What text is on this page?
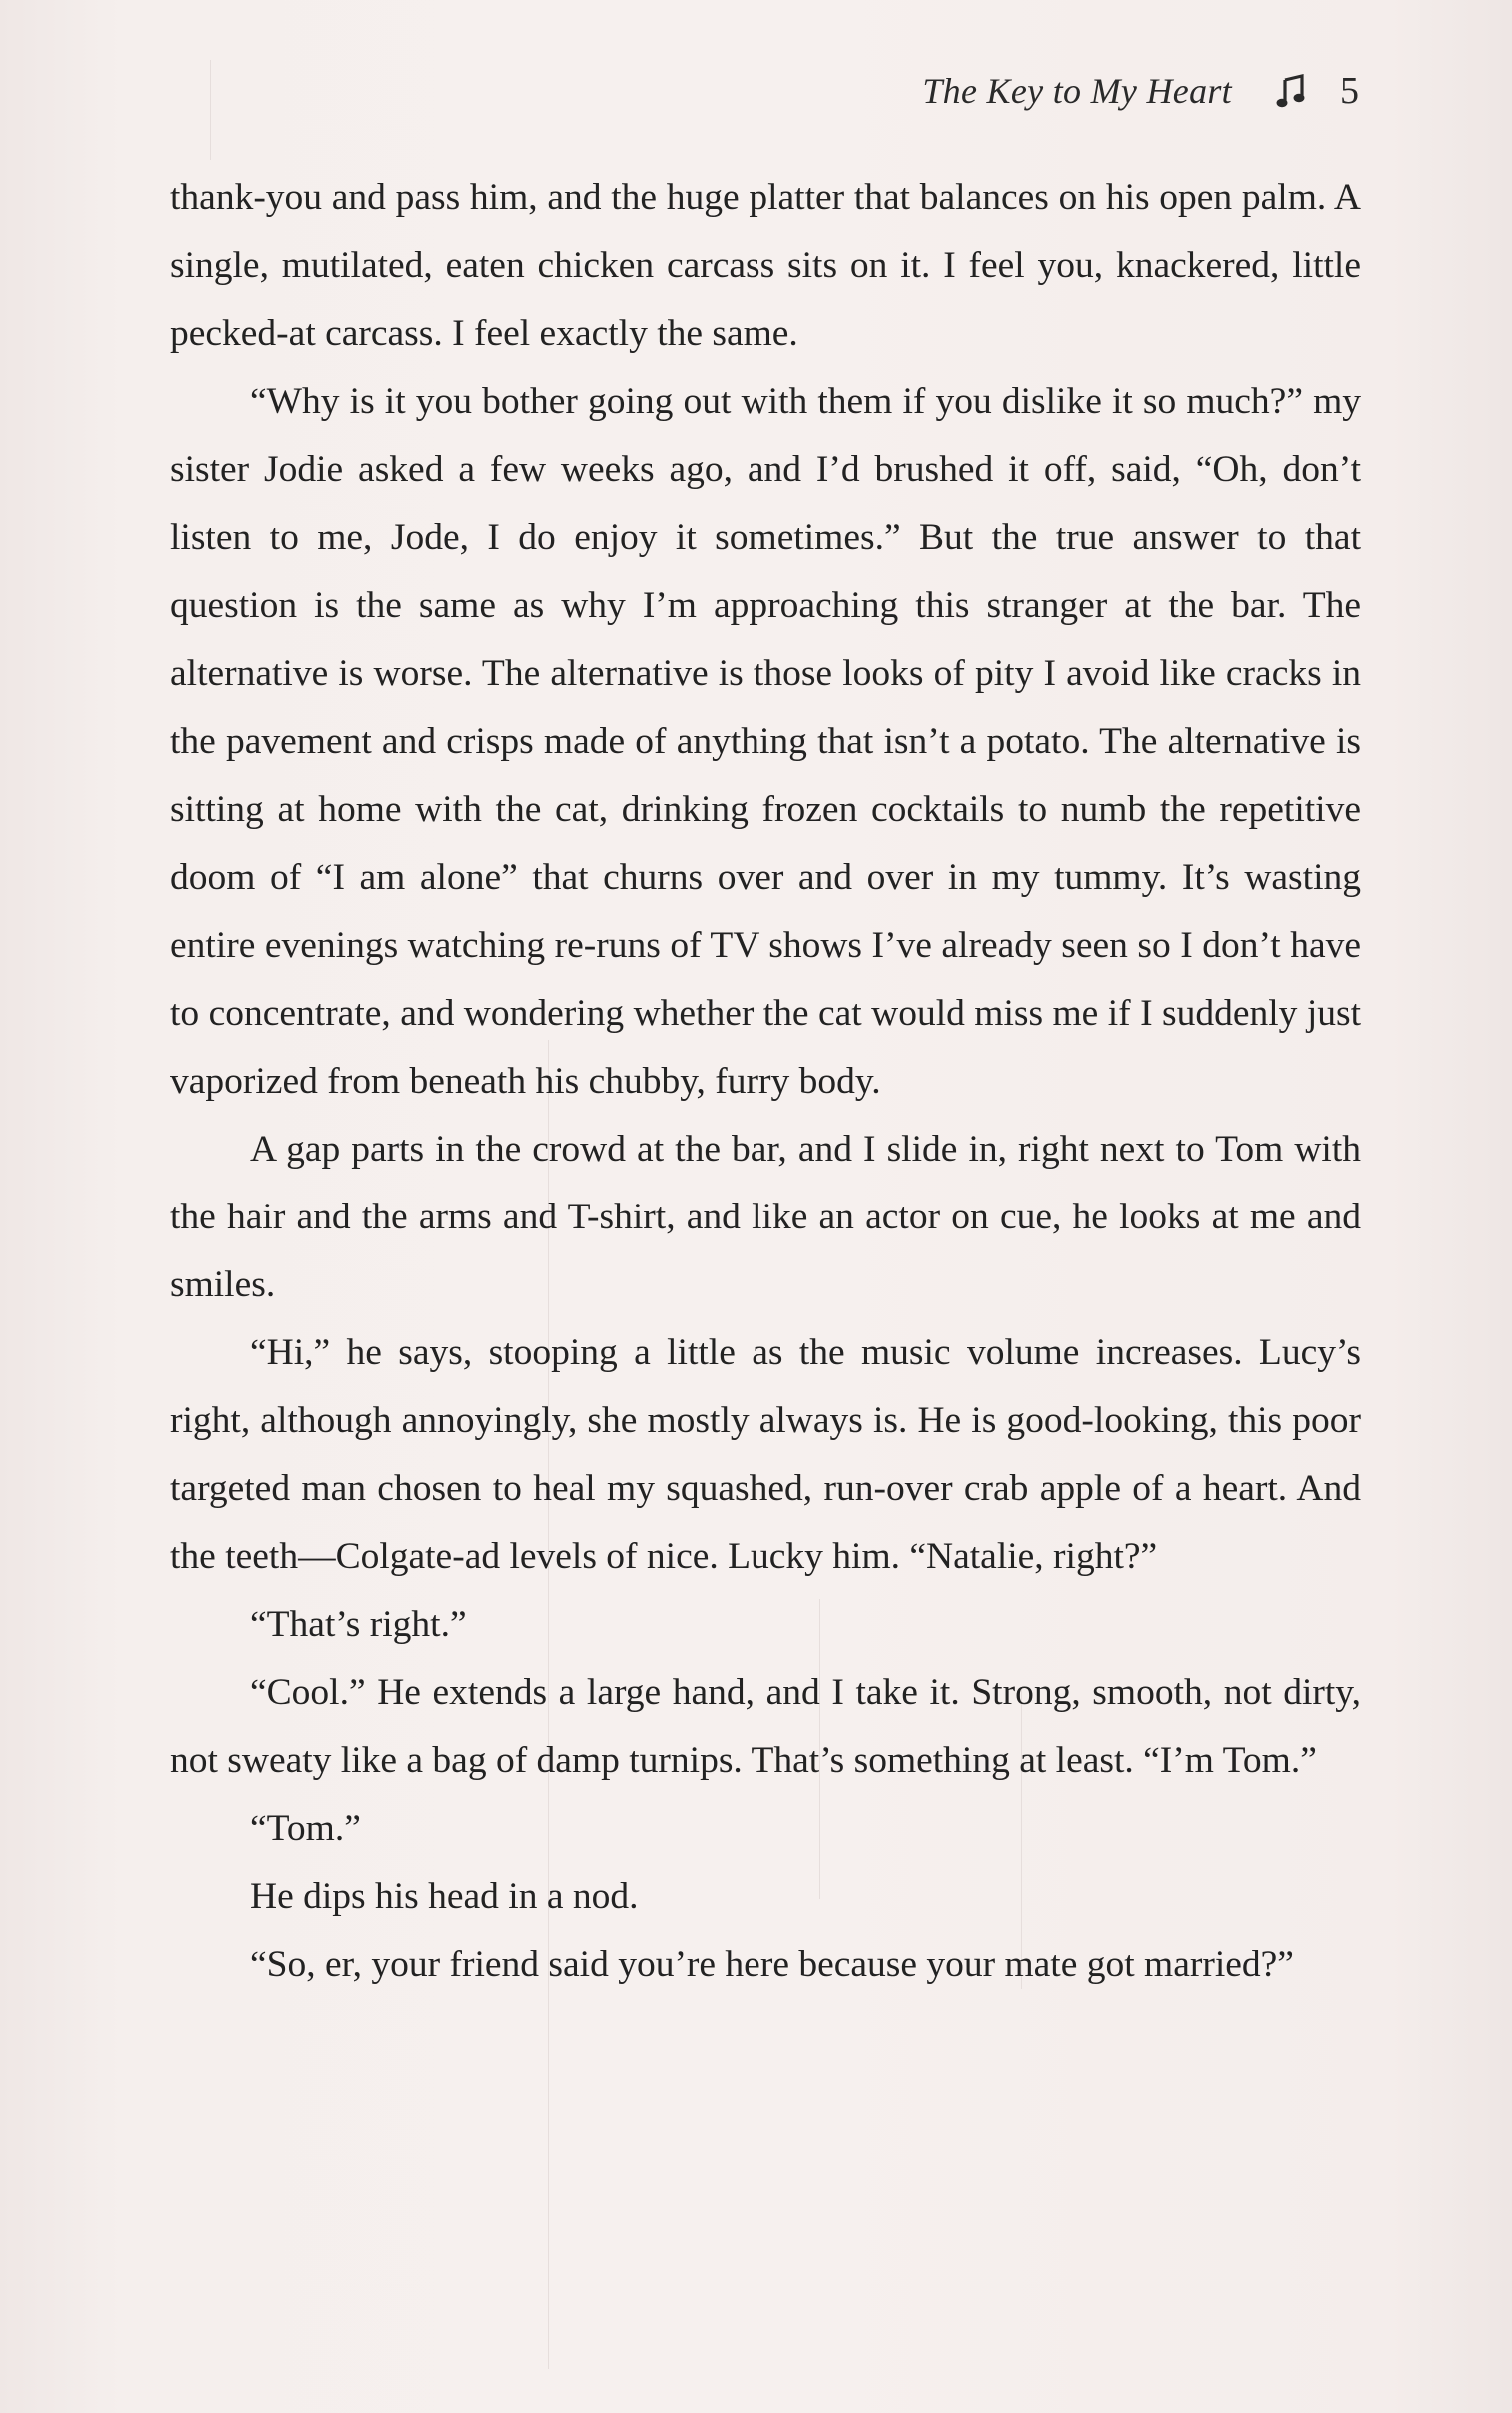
The Key to My Heart	5

thank-you and pass him, and the huge platter that balances on his open palm. A single, mutilated, eaten chicken carcass sits on it. I feel you, knackered, little pecked-at carcass. I feel exactly the same.

“Why is it you bother going out with them if you dislike it so much?” my sister Jodie asked a few weeks ago, and I’d brushed it off, said, “Oh, don’t listen to me, Jode, I do enjoy it sometimes.” But the true answer to that question is the same as why I’m approaching this stranger at the bar. The alternative is worse. The alternative is those looks of pity I avoid like cracks in the pavement and crisps made of anything that isn’t a potato. The alternative is sitting at home with the cat, drinking frozen cocktails to numb the repetitive doom of “I am alone” that churns over and over in my tummy. It’s wasting entire evenings watching re-runs of TV shows I’ve already seen so I don’t have to concentrate, and wondering whether the cat would miss me if I suddenly just vaporized from beneath his chubby, furry body.

A gap parts in the crowd at the bar, and I slide in, right next to Tom with the hair and the arms and T-shirt, and like an actor on cue, he looks at me and smiles.

“Hi,” he says, stooping a little as the music volume increases. Lucy’s right, although annoyingly, she mostly always is. He is good-looking, this poor targeted man chosen to heal my squashed, run-over crab apple of a heart. And the teeth—Colgate-ad levels of nice. Lucky him. “Natalie, right?”

“That’s right.”

“Cool.” He extends a large hand, and I take it. Strong, smooth, not dirty, not sweaty like a bag of damp turnips. That’s something at least. “I’m Tom.”

“Tom.”

He dips his head in a nod.

“So, er, your friend said you’re here because your mate got married?”
